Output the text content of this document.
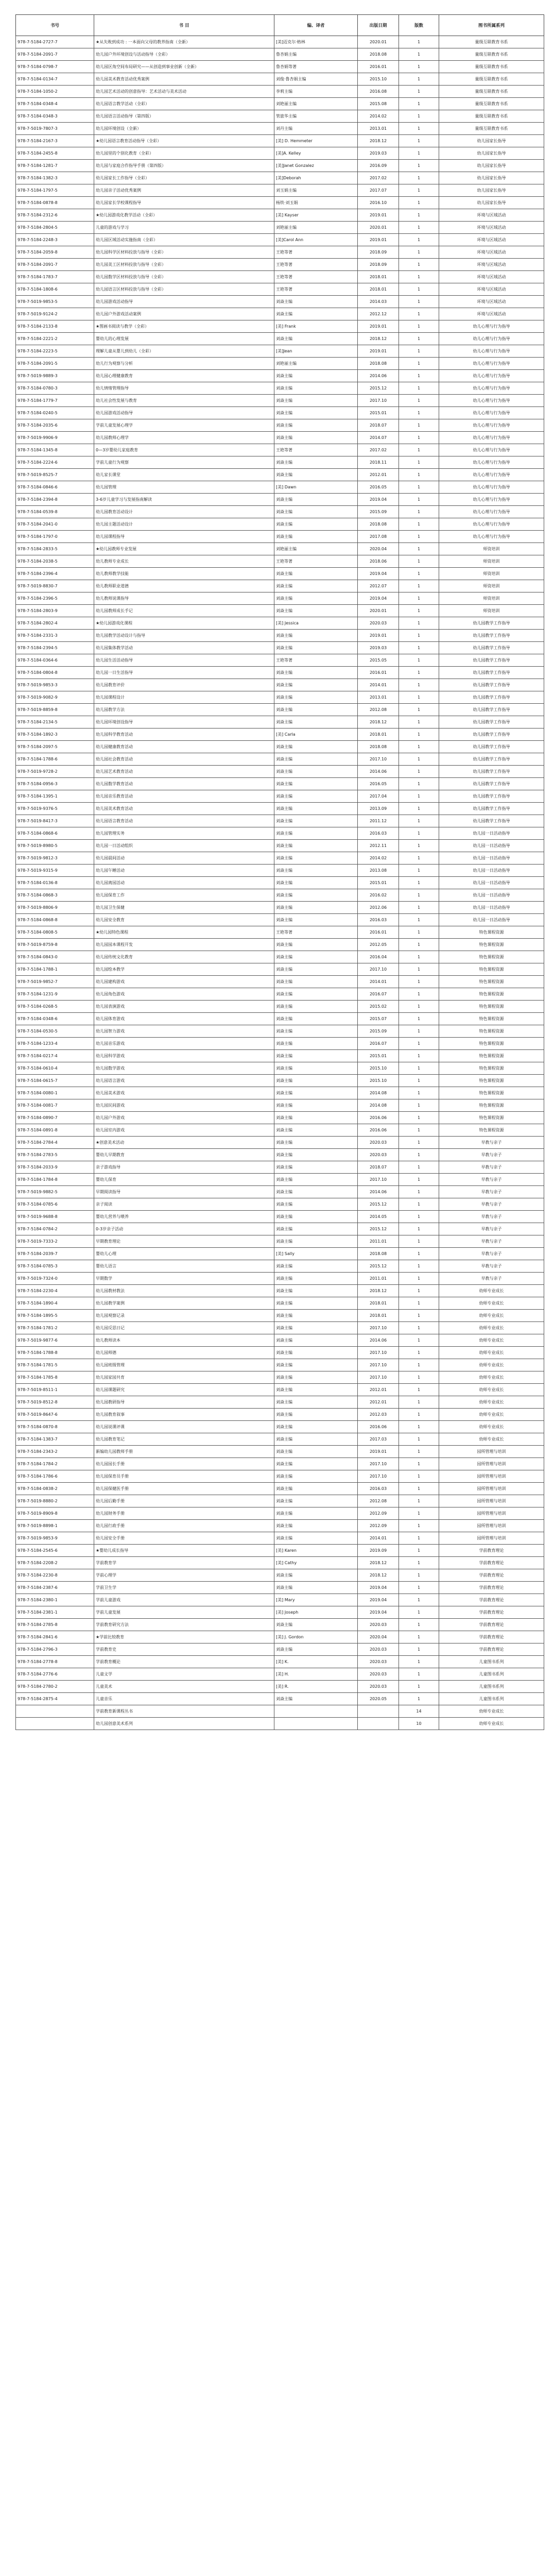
书号	书 目	编、译者	出版日期	版数	图书所属系列
978-7-5184-2727-7	★从失败到成功 : 一本面向父母的教养指南（全新）	[美]迈克尔·格林	2020.01	1	量级互联教育书系
978-7-5184-2091-7	幼儿园户外环境创设与活动指导（全彩）	鲁杏娟主编	2018.08	1	量级互联教育书系
978-7-5184-0798-7	幼儿园区角空间布局研究——从创造到事业创新（全新）	鲁杏娟等著	2016.01	1	量级互联教育书系
978-7-5184-0134-7	幼儿园美术教育活动优秀案例	刘俊·鲁杏娟主编	2015.10	1	量级互联教育书系
978-7-5184-1050-2	幼儿园艺术活动的创意指导：艺术活动与美术活动	李莉主编	2016.08	1	量级互联教育书系
978-7-5184-0348-4	幼儿园语言教学活动（全彩）	刘艳丽主编	2015.08	1	量级互联教育书系
978-7-5184-0348-3	幼儿园语言活动指导（第四版）	管旅华主编	2014.02	1	量级互联教育书系
978-7-5019-7807-3	幼儿园环境创设（全新）	刘丹主编	2013.01	1	量级互联教育书系
978-7-5184-2167-3	★幼儿园语言教育活动指导（全彩）	[美] D. Hemmeter	2018.12	1	幼儿园家长指导
978-7-5184-2455-8	幼儿园里的个别化教育（全彩）	[美]A. Kelley	2019.03	1	幼儿园家长指导
978-7-5184-1281-7	幼儿园与家庭合作指导手册（第四版）	[美]Janet Gonzalez	2016.09	1	幼儿园家长指导
978-7-5184-1382-3	幼儿园家长工作指导（全彩）	[美]Deborah	2017.02	1	幼儿园家长指导
978-7-5184-1797-5	幼儿园亲子活动优秀案例	刘玉娟主编	2017.07	1	幼儿园家长指导
978-7-5184-0878-8	幼儿园家长学校课程指导	杨铁·刘玉娟	2016.10	1	幼儿园家长指导
978-7-5184-2312-6	★幼儿园游戏化教学活动（全彩）	[美] Kayser	2019.01	1	环境与区域活动
978-7-5184-2804-5	儿童的游戏与学习	刘艳丽主编	2020.01	1	环境与区域活动
978-7-5184-2248-3	幼儿园区域活动实施指南（全彩）	[美]Carol Ann	2019.01	1	环境与区域活动
978-7-5184-2059-8	幼儿园科学区材料投放与指导（全彩）	王艳等著	2018.09	1	环境与区域活动
978-7-5184-2091-7	幼儿园美工区材料投放与指导（全彩）	王艳等著	2018.09	1	环境与区域活动
978-7-5184-1783-7	幼儿园数学区材料投放与指导（全彩）	王艳等著	2018.01	1	环境与区域活动
978-7-5184-1808-6	幼儿园语言区材料投放与指导（全彩）	王艳等著	2018.01	1	环境与区域活动
978-7-5019-9853-5	幼儿园游戏活动指导	刘焱主编	2014.03	1	环境与区域活动
978-7-5019-9124-2	幼儿园户外游戏活动案例	刘焱主编	2012.12	1	环境与区域活动
978-7-5184-2133-8	★图画书阅读与教学（全彩）	[美] Frank	2019.01	1	幼儿心理与行为指导
978-7-5184-2221-2	婴幼儿的心理发展	刘焱主编	2018.12	1	幼儿心理与行为指导
978-7-5184-2223-5	理解儿童从婴儿到幼儿（全彩）	[美]Jean	2019.01	1	幼儿心理与行为指导
978-7-5184-2091-5	幼儿行为观察与分析	刘艳丽主编	2018.08	1	幼儿心理与行为指导
978-7-5019-9889-3	幼儿园心理健康教育	刘焱主编	2014.06	1	幼儿心理与行为指导
978-7-5184-0780-3	幼儿情绪管理指导	刘焱主编	2015.12	1	幼儿心理与行为指导
978-7-5184-1779-7	幼儿社会性发展与教育	刘焱主编	2017.10	1	幼儿心理与行为指导
978-7-5184-0240-5	幼儿园游戏活动指导	刘焱主编	2015.01	1	幼儿心理与行为指导
978-7-5184-2035-6	学前儿童发展心理学	刘焱主编	2018.07	1	幼儿心理与行为指导
978-7-5019-9906-9	幼儿园教师心理学	刘焱主编	2014.07	1	幼儿心理与行为指导
978-7-5184-1345-8	0—3岁婴幼儿家庭教育	王艳等著	2017.02	1	幼儿心理与行为指导
978-7-5184-2224-6	学前儿童行为观察	刘焱主编	2018.11	1	幼儿心理与行为指导
978-7-5019-8525-7	幼儿家长课堂	刘焱主编	2012.01	1	幼儿心理与行为指导
978-7-5184-0846-6	幼儿园管理	[美] Dawn	2016.05	1	幼儿心理与行为指导
978-7-5184-2394-8	3-6岁儿童学习与发展指南解读	刘焱主编	2019.04	1	幼儿心理与行为指导
978-7-5184-0539-8	幼儿园教育活动设计	刘焱主编	2015.09	1	幼儿心理与行为指导
978-7-5184-2041-0	幼儿园主题活动设计	刘焱主编	2018.08	1	幼儿心理与行为指导
978-7-5184-1797-0	幼儿园课程指导	刘焱主编	2017.08	1	幼儿心理与行为指导
978-7-5184-2833-5	★幼儿园教师专业发展	刘艳丽主编	2020.04	1	师资培训
978-7-5184-2038-5	幼儿教师专业成长	王艳等著	2018.06	1	师资培训
978-7-5184-2396-4	幼儿教师教学技能	刘焱主编	2019.04	1	师资培训
978-7-5019-8830-7	幼儿教师职业道德	刘焱主编	2012.07	1	师资培训
978-7-5184-2396-5	幼儿教师说课指导	刘焱主编	2019.04	1	师资培训
978-7-5184-2803-9	幼儿园教师成长手记	刘焱主编	2020.01	1	师资培训
978-7-5184-2802-4	★幼儿园游戏化课程	[美] Jessica	2020.03	1	幼儿园教学工作指导
978-7-5184-2331-3	幼儿园教学活动设计与指导	刘焱主编	2019.01	1	幼儿园教学工作指导
978-7-5184-2394-5	幼儿园集体教学活动	刘焱主编	2019.03	1	幼儿园教学工作指导
978-7-5184-0364-6	幼儿园生活活动指导	王艳等著	2015.05	1	幼儿园教学工作指导
978-7-5184-0804-8	幼儿园一日生活指导	刘焱主编	2016.01	1	幼儿园教学工作指导
978-7-5019-9853-3	幼儿园教育评价	刘焱主编	2014.01	1	幼儿园教学工作指导
978-7-5019-9082-9	幼儿园课程设计	刘焱主编	2013.01	1	幼儿园教学工作指导
978-7-5019-8859-8	幼儿园教学方法	刘焱主编	2012.08	1	幼儿园教学工作指导
978-7-5184-2134-5	幼儿园环境创设指导	刘焱主编	2018.12	1	幼儿园教学工作指导
978-7-5184-1892-3	幼儿园科学教育活动	[美] Carla	2018.01	1	幼儿园教学工作指导
978-7-5184-2097-5	幼儿园健康教育活动	刘焱主编	2018.08	1	幼儿园教学工作指导
978-7-5184-1788-6	幼儿园社会教育活动	刘焱主编	2017.10	1	幼儿园教学工作指导
978-7-5019-9728-2	幼儿园艺术教育活动	刘焱主编	2014.06	1	幼儿园教学工作指导
978-7-5184-0956-3	幼儿园数学教育活动	刘焱主编	2016.05	1	幼儿园教学工作指导
978-7-5184-1395-1	幼儿园音乐教育活动	刘焱主编	2017.04	1	幼儿园教学工作指导
978-7-5019-9376-5	幼儿园美术教育活动	刘焱主编	2013.09	1	幼儿园教学工作指导
978-7-5019-8417-3	幼儿园语言教育活动	刘焱主编	2011.12	1	幼儿园教学工作指导
978-7-5184-0868-6	幼儿园管理实务	刘焱主编	2016.03	1	幼儿园一日活动指导
978-7-5019-8980-5	幼儿园一日活动组织	刘焱主编	2012.11	1	幼儿园一日活动指导
978-7-5019-9812-3	幼儿园晨间活动	刘焱主编	2014.02	1	幼儿园一日活动指导
978-7-5019-9315-9	幼儿园午睡活动	刘焱主编	2013.08	1	幼儿园一日活动指导
978-7-5184-0136-8	幼儿园离园活动	刘焱主编	2015.01	1	幼儿园一日活动指导
978-7-5184-0868-3	幼儿园保育工作	刘焱主编	2016.02	1	幼儿园一日活动指导
978-7-5019-8806-9	幼儿园卫生保健	刘焱主编	2012.06	1	幼儿园一日活动指导
978-7-5184-0868-8	幼儿园安全教育	刘焱主编	2016.03	1	幼儿园一日活动指导
978-7-5184-0808-5	★幼儿园特色课程	王艳等著	2016.01	1	特色课程资源
978-7-5019-8759-8	幼儿园园本课程开发	刘焱主编	2012.05	1	特色课程资源
978-7-5184-0843-0	幼儿园传统文化教育	刘焱主编	2016.04	1	特色课程资源
978-7-5184-1788-1	幼儿园绘本教学	刘焱主编	2017.10	1	特色课程资源
978-7-5019-9852-7	幼儿园建构游戏	刘焱主编	2014.01	1	特色课程资源
978-7-5184-1231-9	幼儿园角色游戏	刘焱主编	2016.07	1	特色课程资源
978-7-5184-0268-5	幼儿园表演游戏	刘焱主编	2015.02	1	特色课程资源
978-7-5184-0348-6	幼儿园体育游戏	刘焱主编	2015.07	1	特色课程资源
978-7-5184-0530-5	幼儿园智力游戏	刘焱主编	2015.09	1	特色课程资源
978-7-5184-1233-4	幼儿园音乐游戏	刘焱主编	2016.07	1	特色课程资源
978-7-5184-0217-4	幼儿园科学游戏	刘焱主编	2015.01	1	特色课程资源
978-7-5184-0610-4	幼儿园数学游戏	刘焱主编	2015.10	1	特色课程资源
978-7-5184-0615-7	幼儿园语言游戏	刘焱主编	2015.10	1	特色课程资源
978-7-5184-0080-1	幼儿园美术游戏	刘焱主编	2014.08	1	特色课程资源
978-7-5184-0081-7	幼儿园民间游戏	刘焱主编	2014.08	1	特色课程资源
978-7-5184-0890-7	幼儿园户外游戏	刘焱主编	2016.06	1	特色课程资源
978-7-5184-0891-8	幼儿园室内游戏	刘焱主编	2016.06	1	特色课程资源
978-7-5184-2784-4	★创意美术活动	刘焱主编	2020.03	1	早教与亲子
978-7-5184-2783-5	婴幼儿早期教育	刘焱主编	2020.03	1	早教与亲子
978-7-5184-2033-9	亲子游戏指导	刘焱主编	2018.07	1	早教与亲子
978-7-5184-1784-8	婴幼儿保育	刘焱主编	2017.10	1	早教与亲子
978-7-5019-9882-5	早期阅读指导	刘焱主编	2014.06	1	早教与亲子
978-7-5184-0785-6	亲子阅读	刘焱主编	2015.12	1	早教与亲子
978-7-5019-9688-8	婴幼儿营养与喂养	刘焱主编	2014.05	1	早教与亲子
978-7-5184-0784-2	0-3岁亲子活动	刘焱主编	2015.12	1	早教与亲子
978-7-5019-7333-2	早期教育理论	刘焱主编	2011.01	1	早教与亲子
978-7-5184-2039-7	婴幼儿心理	[美] Sally	2018.08	1	早教与亲子
978-7-5184-0785-3	婴幼儿语言	刘焱主编	2015.12	1	早教与亲子
978-7-5019-7324-0	早期数学	刘焱主编	2011.01	1	早教与亲子
978-7-5184-2230-4	幼儿园教材教法	刘焱主编	2018.12	1	幼师专业成长
978-7-5184-1890-4	幼儿园教学案例	刘焱主编	2018.01	1	幼师专业成长
978-7-5184-1895-5	幼儿园观察记录	刘焱主编	2018.01	1	幼师专业成长
978-7-5184-1781-2	幼儿园反思日记	刘焱主编	2017.10	1	幼师专业成长
978-7-5019-9877-6	幼儿教师读本	刘焱主编	2014.06	1	幼师专业成长
978-7-5184-1788-8	幼儿园师德	刘焱主编	2017.10	1	幼师专业成长
978-7-5184-1781-5	幼儿园班级管理	刘焱主编	2017.10	1	幼师专业成长
978-7-5184-1785-8	幼儿园家园共育	刘焱主编	2017.10	1	幼师专业成长
978-7-5019-8511-1	幼儿园课题研究	刘焱主编	2012.01	1	幼师专业成长
978-7-5019-8512-8	幼儿园教研指导	刘焱主编	2012.01	1	幼师专业成长
978-7-5019-8647-6	幼儿园教育叙事	刘焱主编	2012.03	1	幼师专业成长
978-7-5184-0870-8	幼儿园说课评课	刘焱主编	2016.06	1	幼师专业成长
978-7-5184-1383-7	幼儿园教育笔记	刘焱主编	2017.03	1	幼师专业成长
978-7-5184-2343-2	新编幼儿园教师手册	刘焱主编	2019.01	1	园所管理与培训
978-7-5184-1784-2	幼儿园园长手册	刘焱主编	2017.10	1	园所管理与培训
978-7-5184-1786-6	幼儿园保育员手册	刘焱主编	2017.10	1	园所管理与培训
978-7-5184-0838-2	幼儿园保健医手册	刘焱主编	2016.03	1	园所管理与培训
978-7-5019-8880-2	幼儿园后勤手册	刘焱主编	2012.08	1	园所管理与培训
978-7-5019-8909-8	幼儿园财务手册	刘焱主编	2012.09	1	园所管理与培训
978-7-5019-8898-1	幼儿园行政手册	刘焱主编	2012.09	1	园所管理与培训
978-7-5019-9853-9	幼儿园安全手册	刘焱主编	2014.01	1	园所管理与培训
978-7-5184-2545-6	★婴幼儿成长指导	[美] Karen	2019.09	1	学前教育理论
978-7-5184-2208-2	学前教育学	[美] Cathy	2018.12	1	学前教育理论
978-7-5184-2230-8	学前心理学	刘焱主编	2018.12	1	学前教育理论
978-7-5184-2387-6	学前卫生学	刘焱主编	2019.04	1	学前教育理论
978-7-5184-2380-1	学前儿童游戏	[美] Mary	2019.04	1	学前教育理论
978-7-5184-2381-1	学前儿童发展	[美] Joseph	2019.04	1	学前教育理论
978-7-5184-2785-8	学前教育研究方法	刘焱主编	2020.03	1	学前教育理论
978-7-5184-2841-6	★学前比较教育	[美] J. Gordon	2020.04	1	学前教育理论
978-7-5184-2796-3	学前教育史	刘焱主编	2020.03	1	学前教育理论
978-7-5184-2778-8	学前教育概论	[美] K.	2020.03	1	儿童图书系列
978-7-5184-2776-6	儿童文学	[美] H.	2020.03	1	儿童图书系列
978-7-5184-2780-2	儿童美术	[美] R.	2020.03	1	儿童图书系列
978-7-5184-2875-4	儿童音乐	刘焱主编	2020.05	1	儿童图书系列
	学前教育新课程丛书			14	幼师专业成长
	幼儿园创意美术系列			10	幼师专业成长
